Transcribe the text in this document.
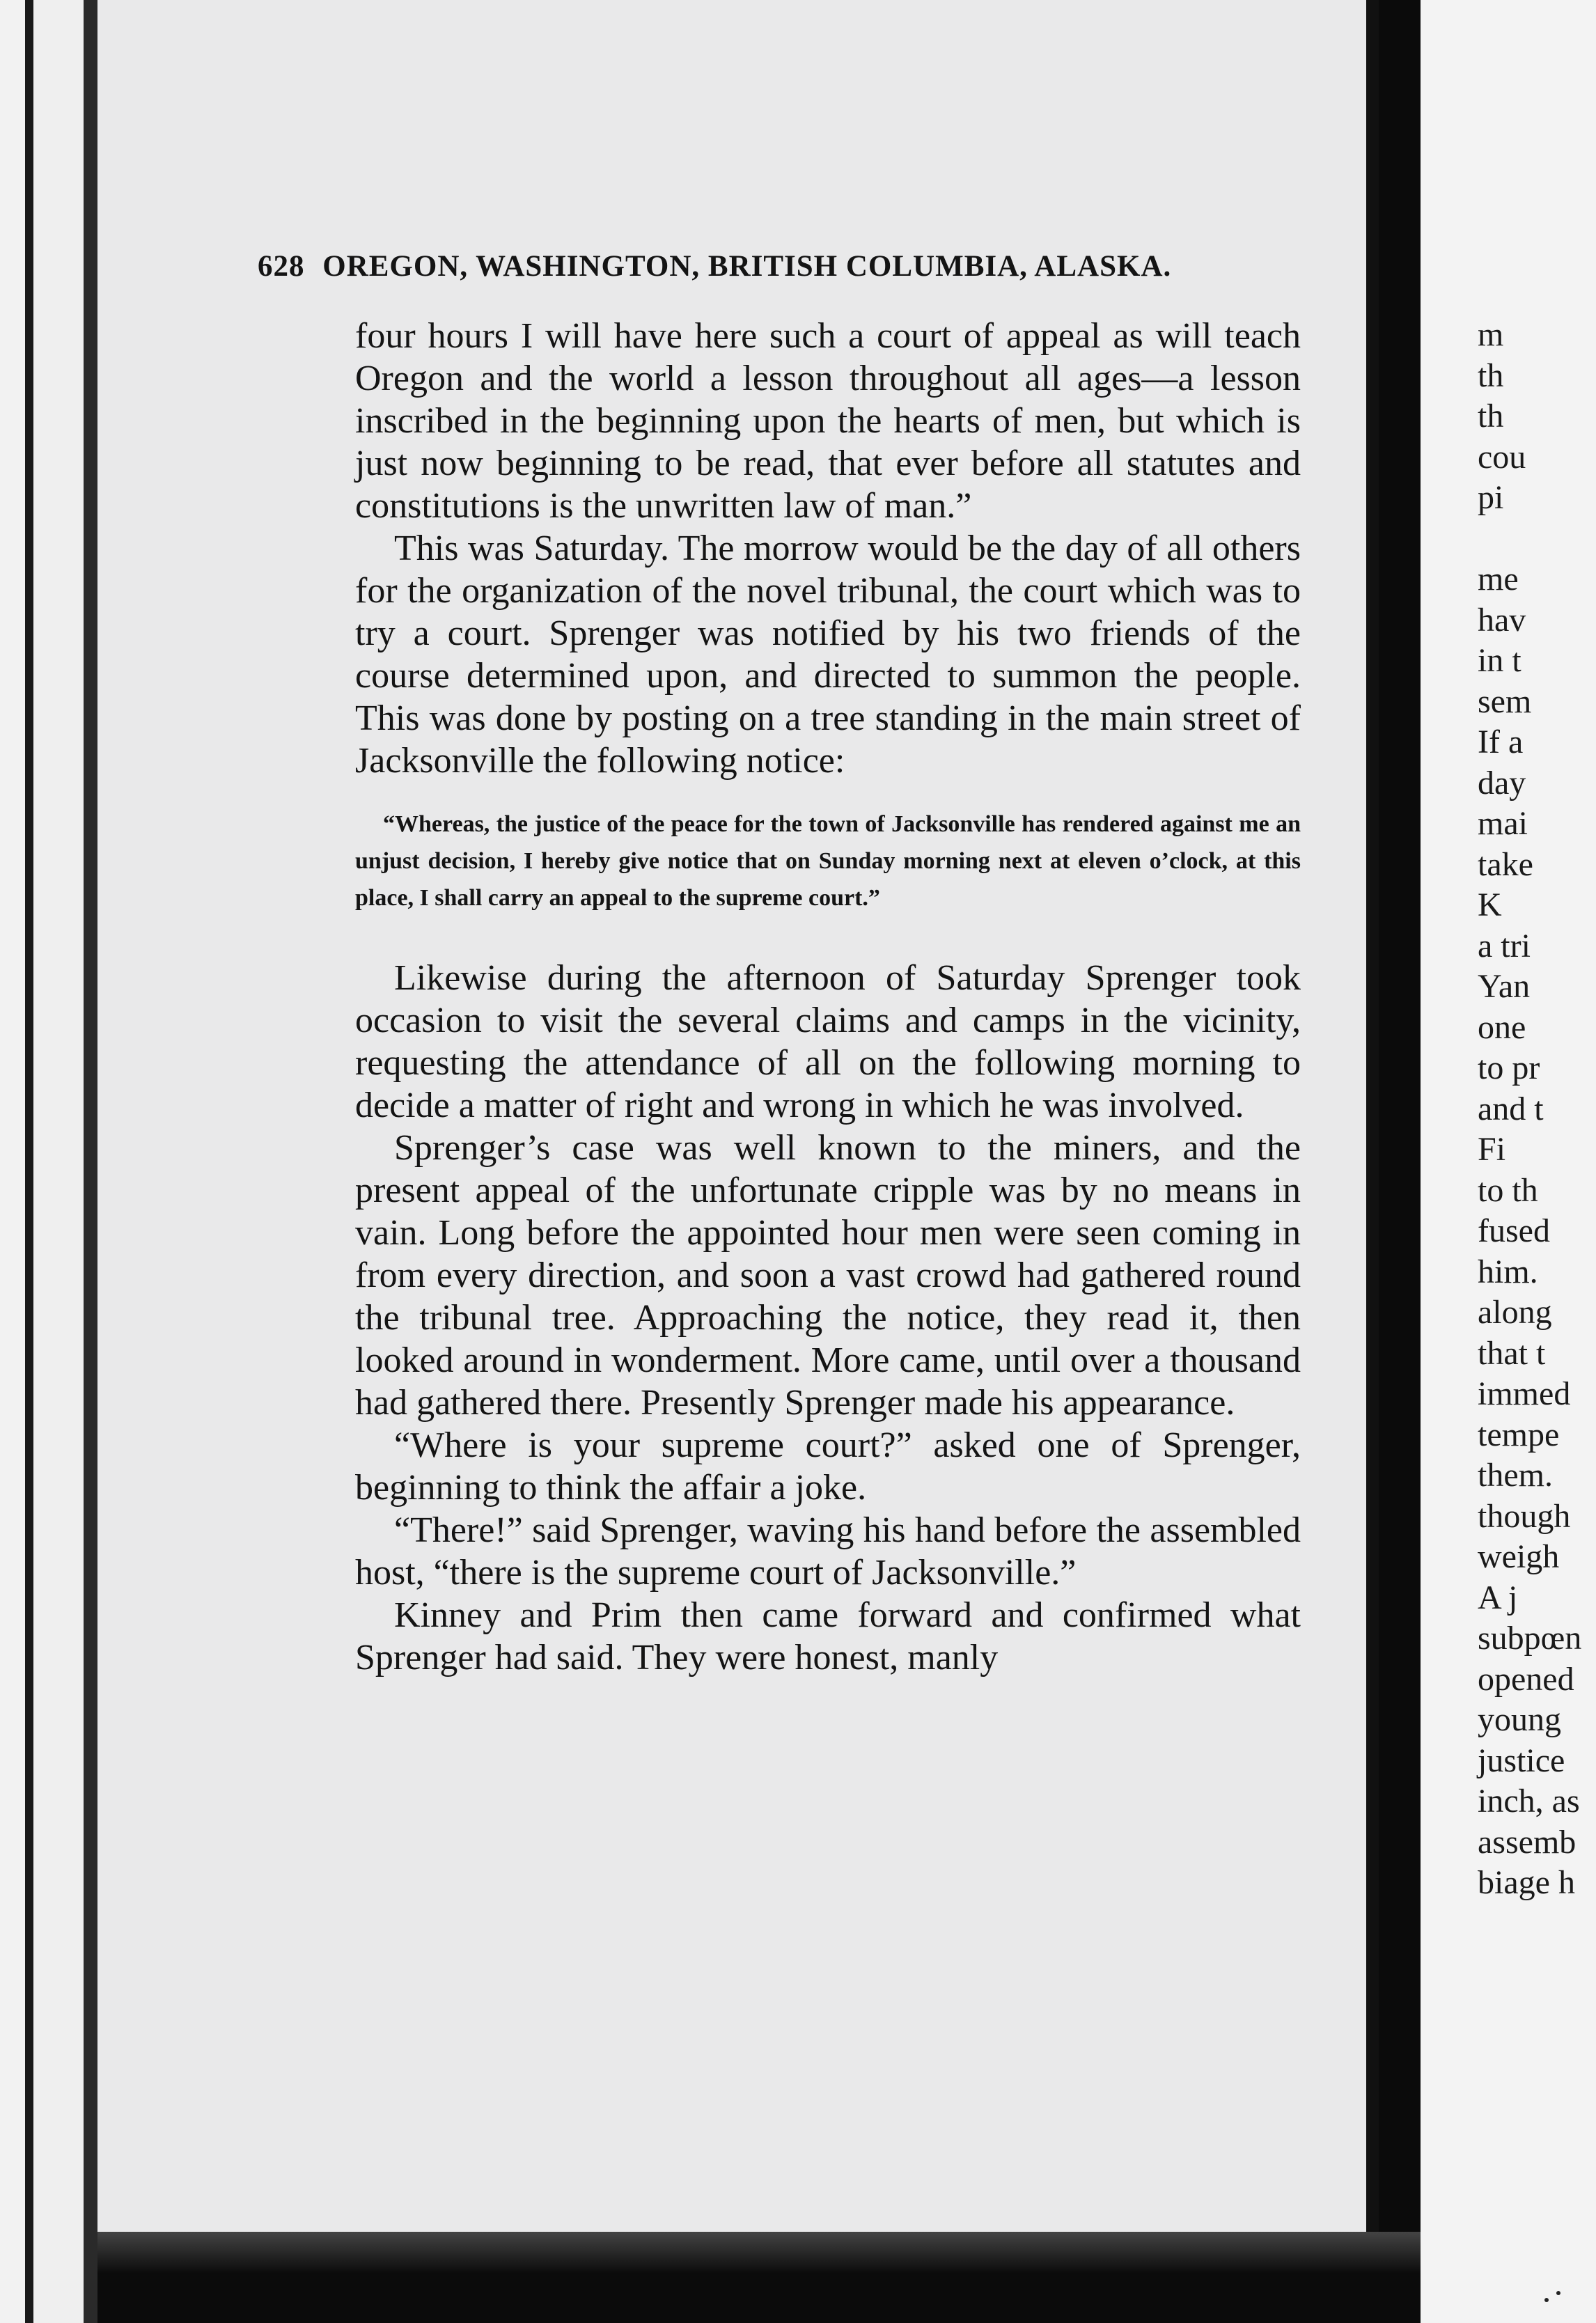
628 OREGON, WASHINGTON, BRITISH COLUMBIA, ALASKA.

four hours I will have here such a court of appeal as will teach Oregon and the world a lesson throughout all ages—a lesson inscribed in the beginning upon the hearts of men, but which is just now beginning to be read, that ever before all statutes and constitutions is the unwritten law of man.”

This was Saturday. The morrow would be the day of all others for the organization of the novel tribunal, the court which was to try a court. Sprenger was notified by his two friends of the course determined upon, and directed to summon the people. This was done by posting on a tree standing in the main street of Jacksonville the following notice:

“Whereas, the justice of the peace for the town of Jacksonville has rendered against me an unjust decision, I hereby give notice that on Sunday morning next at eleven o’clock, at this place, I shall carry an appeal to the supreme court.”

Likewise during the afternoon of Saturday Sprenger took occasion to visit the several claims and camps in the vicinity, requesting the attendance of all on the following morning to decide a matter of right and wrong in which he was involved.

Sprenger’s case was well known to the miners, and the present appeal of the unfortunate cripple was by no means in vain. Long before the appointed hour men were seen coming in from every direction, and soon a vast crowd had gathered round the tribunal tree. Approaching the notice, they read it, then looked around in wonderment. More came, until over a thousand had gathered there. Presently Sprenger made his appearance.

“Where is your supreme court?” asked one of Sprenger, beginning to think the affair a joke.

“There!” said Sprenger, waving his hand before the assembled host, “there is the supreme court of Jacksonville.”

Kinney and Prim then came forward and confirmed what Sprenger had said. They were honest, manly

m
th
th
cou
pi
me
hav
in t
sem
If a
day
mai
take
K
a tri
Yan
one
to pr
and t
Fi
to th
fused
him.
along
that t
immed
tempe
them.
though
weigh
A j
subpœn
opened
young
justice
inch, as
assemb
biage h
